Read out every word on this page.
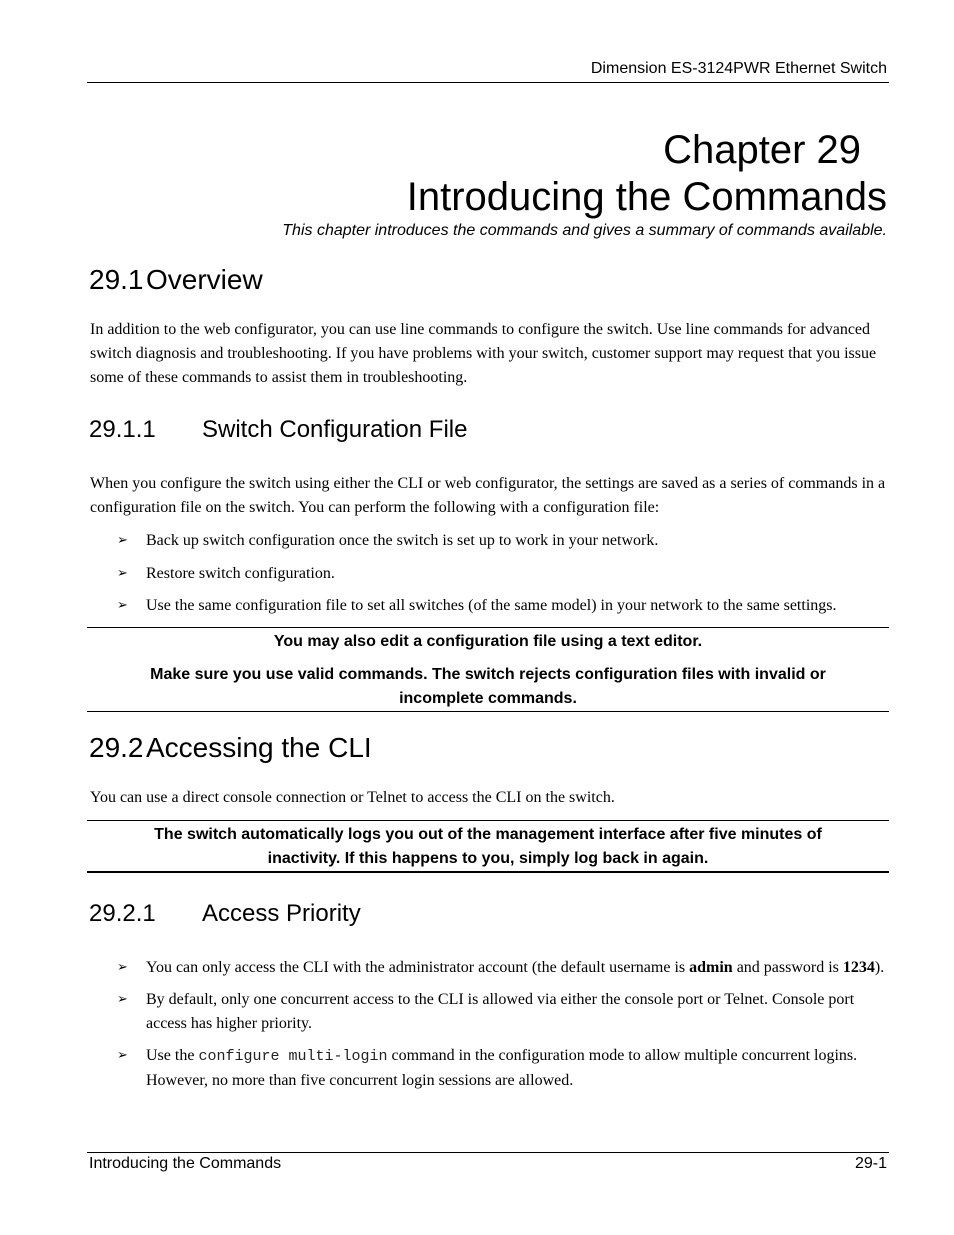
Dimension ES-3124PWR Ethernet Switch
Chapter 29
Introducing the Commands
This chapter introduces the commands and gives a summary of commands available.
29.1Overview

In addition to the web configurator, you can use line commands to configure the switch. Use line commands for advanced switch diagnosis and troubleshooting. If you have problems with your switch, customer support may request that you issue some of these commands to assist them in troubleshooting.

29.1.1 Switch Configuration File

When you configure the switch using either the CLI or web configurator, the settings are saved as a series of commands in a configuration file on the switch. You can perform the following with a configuration file:

➢ Back up switch configuration once the switch is set up to work in your network.
➢ Restore switch configuration.
➢ Use the same configuration file to set all switches (of the same model) in your network to the same settings.

You may also edit a configuration file using a text editor.

Make sure you use valid commands. The switch rejects configuration files with invalid or incomplete commands.

29.2Accessing the CLI

You can use a direct console connection or Telnet to access the CLI on the switch.

The switch automatically logs you out of the management interface after five minutes of inactivity. If this happens to you, simply log back in again.

29.2.1 Access Priority
➢ You can only access the CLI with the administrator account (the default username is admin and password is 1234).
➢ By default, only one concurrent access to the CLI is allowed via either the console port or Telnet. Console port access has higher priority.
➢ Use the configure multi-login command in the configuration mode to allow multiple concurrent logins. However, no more than five concurrent login sessions are allowed.
Introducing the Commands	29-1
